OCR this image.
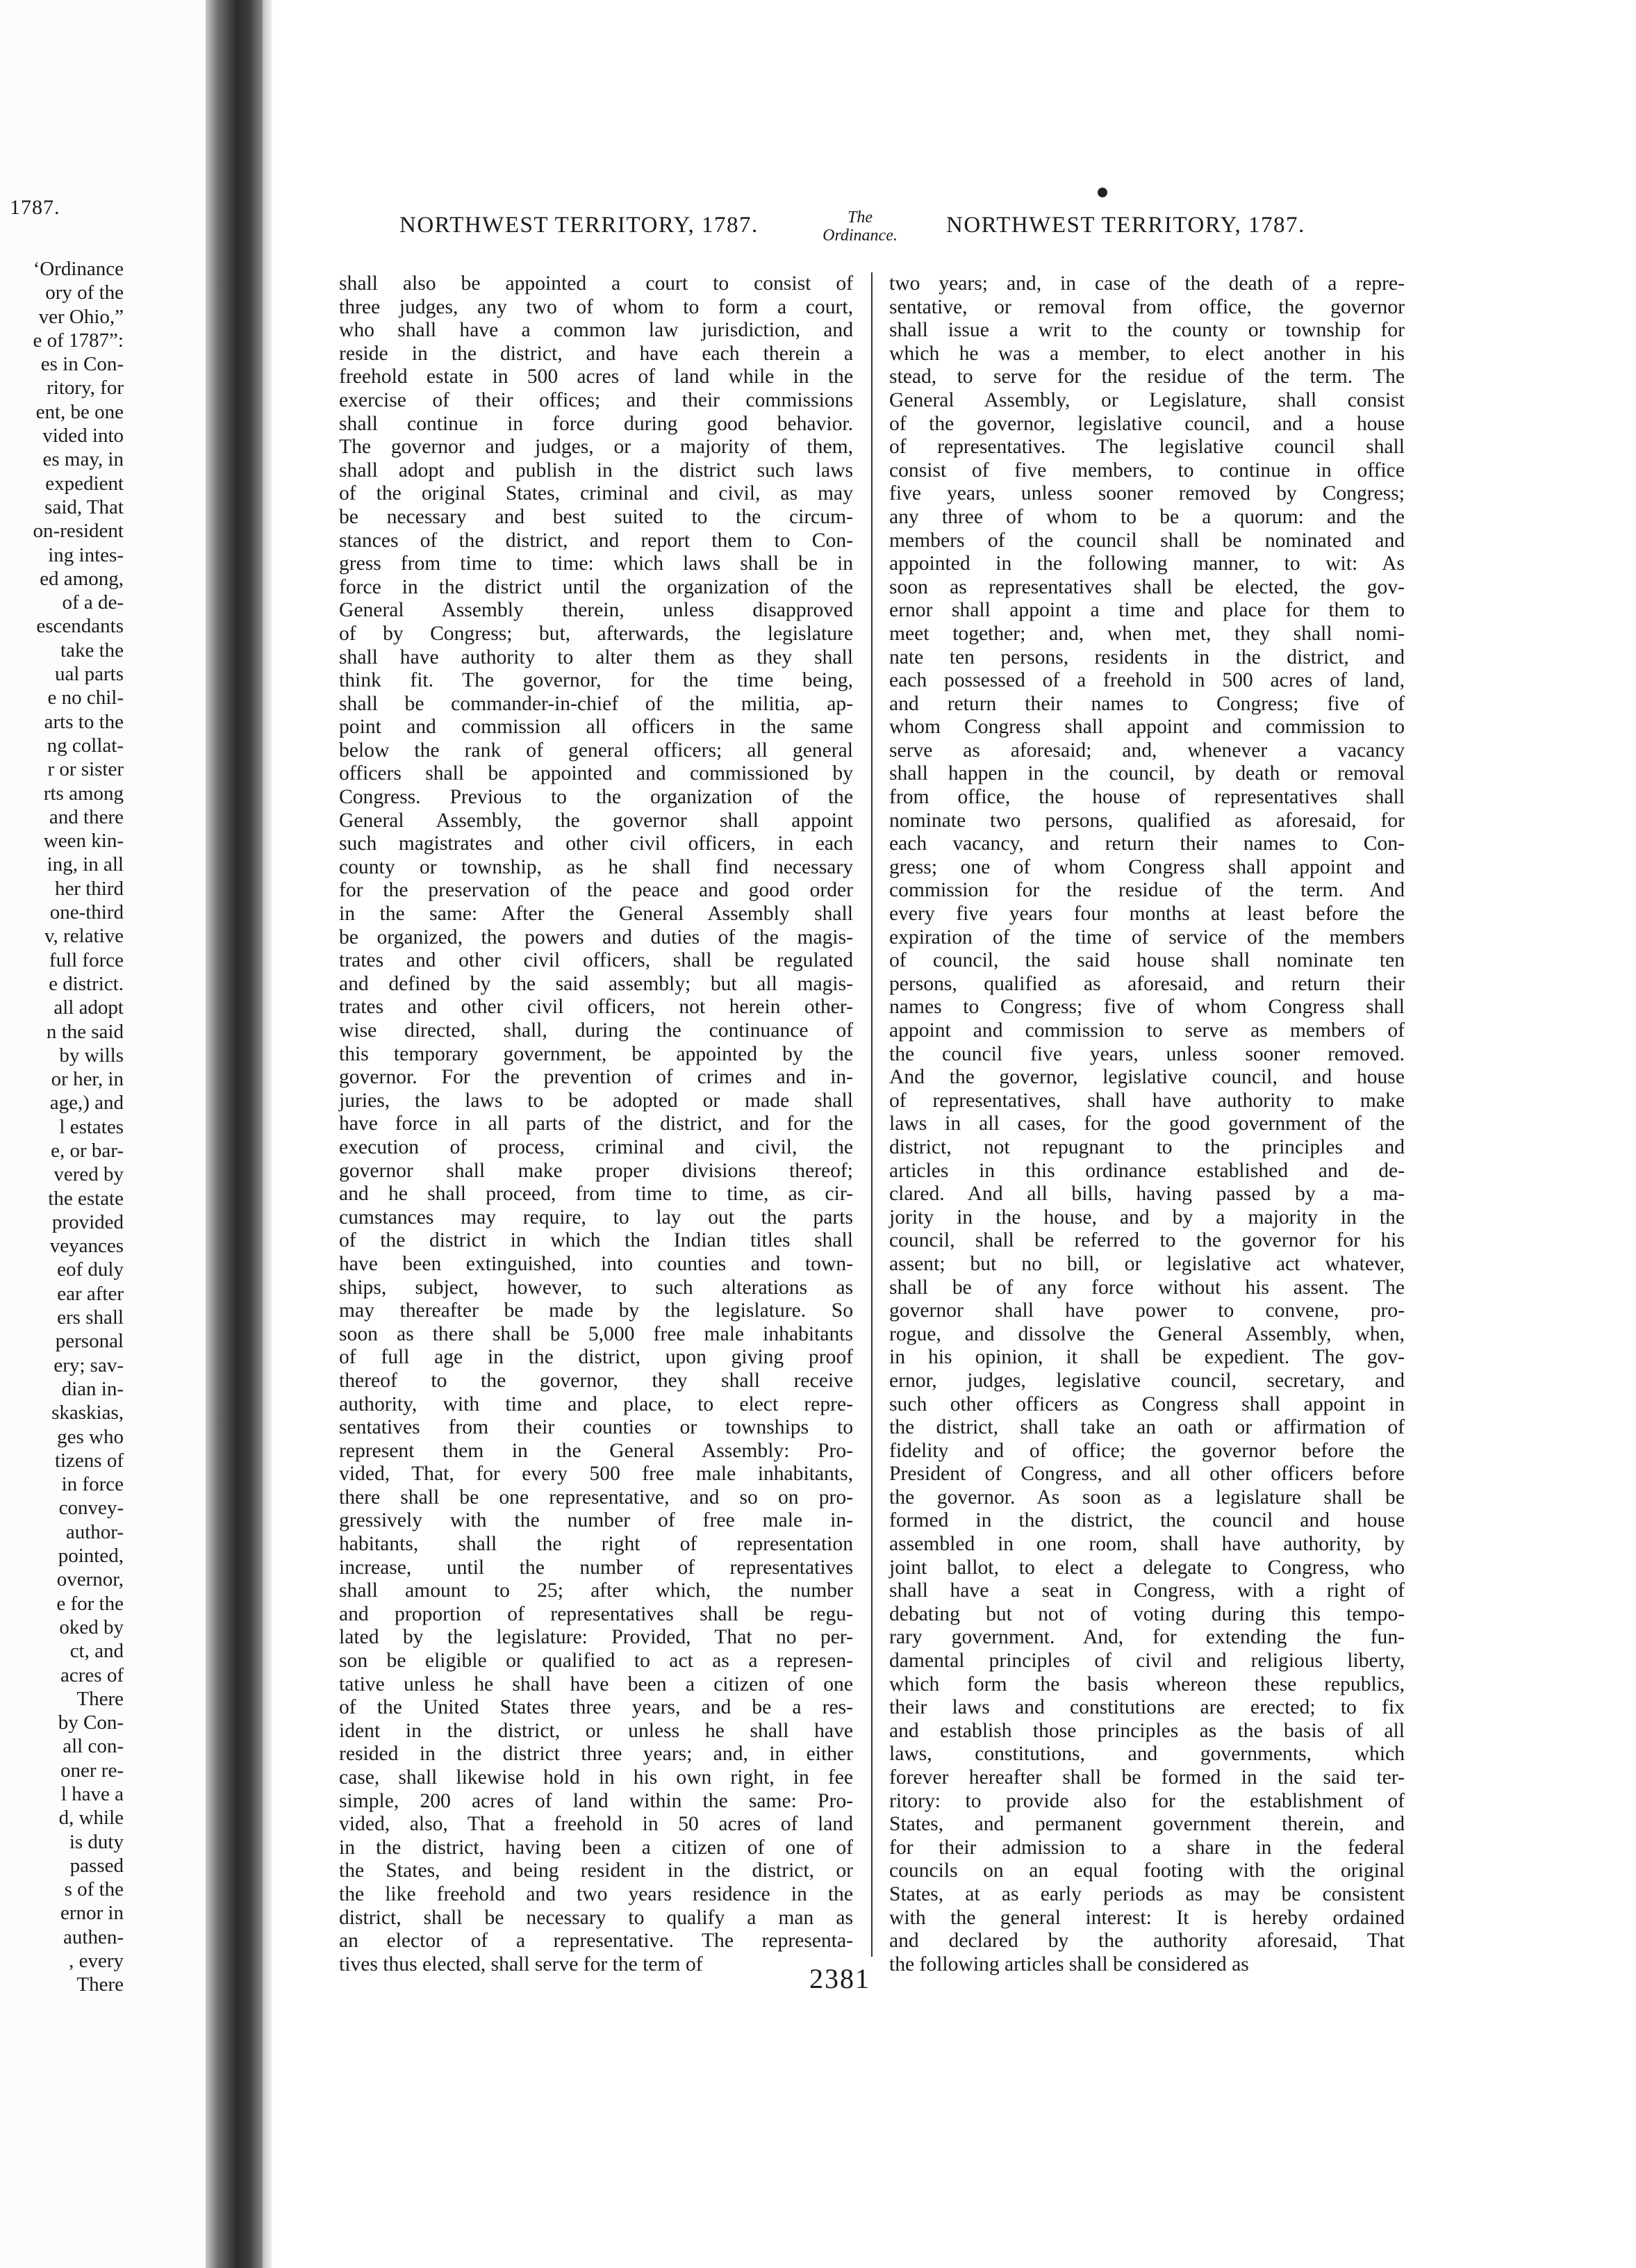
1787.
‘Ordinance
ory of the
ver Ohio,”
e of 1787”:
es in Con-
ritory, for
ent, be one
vided into
es may, in
expedient
said, That
on-resident
ing intes-
ed among,
of a de-
escendants
take the
ual parts
e no chil-
arts to the
ng collat-
r or sister
rts among
and there
ween kin-
ing, in all
her third
one-third
v, relative
full force
e district.
all adopt
n the said
by wills
or her, in
age,) and
l estates
e, or bar-
vered by
the estate
provided
veyances
eof duly
ear after
ers shall
personal
ery; sav-
dian in-
skaskias,
ges who
tizens of
in force
convey-
author-
pointed,
overnor,
e for the
oked by
ct, and
acres of
There
by Con-
all con-
oner re-
l have a
d, while
is duty
passed
s of the
ernor in
authen-
, every
There
NORTHWEST TERRITORY, 1787.	The
Ordinance. NORTHWEST TERRITORY, 1787.
shall also be appointed a court to consist of
three judges, any two of whom to form a court,
who shall have a common law jurisdiction, and
reside in the district, and have each therein a
freehold estate in 500 acres of land while in the
exercise of their offices; and their commissions
shall continue in force during good behavior.
The governor and judges, or a majority of them,
shall adopt and publish in the district such laws
of the original States, criminal and civil, as may
be necessary and best suited to the circum-
stances of the district, and report them to Con-
gress from time to time: which laws shall be in
force in the district until the organization of the
General Assembly therein, unless disapproved
of by Congress; but, afterwards, the legislature
shall have authority to alter them as they shall
think fit. The governor, for the time being,
shall be commander-in-chief of the militia, ap-
point and commission all officers in the same
below the rank of general officers; all general
officers shall be appointed and commissioned by
Congress. Previous to the organization of the
General Assembly, the governor shall appoint
such magistrates and other civil officers, in each
county or township, as he shall find necessary
for the preservation of the peace and good order
in the same: After the General Assembly shall
be organized, the powers and duties of the magis-
trates and other civil officers, shall be regulated
and defined by the said assembly; but all magis-
trates and other civil officers, not herein other-
wise directed, shall, during the continuance of
this temporary government, be appointed by the
governor. For the prevention of crimes and in-
juries, the laws to be adopted or made shall
have force in all parts of the district, and for the
execution of process, criminal and civil, the
governor shall make proper divisions thereof;
and he shall proceed, from time to time, as cir-
cumstances may require, to lay out the parts
of the district in which the Indian titles shall
have been extinguished, into counties and town-
ships, subject, however, to such alterations as
may thereafter be made by the legislature. So
soon as there shall be 5,000 free male inhabitants
of full age in the district, upon giving proof
thereof to the governor, they shall receive
authority, with time and place, to elect repre-
sentatives from their counties or townships to
represent them in the General Assembly: Pro-
vided, That, for every 500 free male inhabitants,
there shall be one representative, and so on pro-
gressively with the number of free male in-
habitants, shall the right of representation
increase, until the number of representatives
shall amount to 25; after which, the number
and proportion of representatives shall be regu-
lated by the legislature: Provided, That no per-
son be eligible or qualified to act as a represen-
tative unless he shall have been a citizen of one
of the United States three years, and be a res-
ident in the district, or unless he shall have
resided in the district three years; and, in either
case, shall likewise hold in his own right, in fee
simple, 200 acres of land within the same: Pro-
vided, also, That a freehold in 50 acres of land
in the district, having been a citizen of one of
the States, and being resident in the district, or
the like freehold and two years residence in the
district, shall be necessary to qualify a man as
an elector of a representative. The representa-
tives thus elected, shall serve for the term of
two years; and, in case of the death of a repre-
sentative, or removal from office, the governor
shall issue a writ to the county or township for
which he was a member, to elect another in his
stead, to serve for the residue of the term. The
General Assembly, or Legislature, shall consist
of the governor, legislative council, and a house
of representatives. The legislative council shall
consist of five members, to continue in office
five years, unless sooner removed by Congress;
any three of whom to be a quorum: and the
members of the council shall be nominated and
appointed in the following manner, to wit: As
soon as representatives shall be elected, the gov-
ernor shall appoint a time and place for them to
meet together; and, when met, they shall nomi-
nate ten persons, residents in the district, and
each possessed of a freehold in 500 acres of land,
and return their names to Congress; five of
whom Congress shall appoint and commission to
serve as aforesaid; and, whenever a vacancy
shall happen in the council, by death or removal
from office, the house of representatives shall
nominate two persons, qualified as aforesaid, for
each vacancy, and return their names to Con-
gress; one of whom Congress shall appoint and
commission for the residue of the term. And
every five years four months at least before the
expiration of the time of service of the members
of council, the said house shall nominate ten
persons, qualified as aforesaid, and return their
names to Congress; five of whom Congress shall
appoint and commission to serve as members of
the council five years, unless sooner removed.
And the governor, legislative council, and house
of representatives, shall have authority to make
laws in all cases, for the good government of the
district, not repugnant to the principles and
articles in this ordinance established and de-
clared. And all bills, having passed by a ma-
jority in the house, and by a majority in the
council, shall be referred to the governor for his
assent; but no bill, or legislative act whatever,
shall be of any force without his assent. The
governor shall have power to convene, pro-
rogue, and dissolve the General Assembly, when,
in his opinion, it shall be expedient. The gov-
ernor, judges, legislative council, secretary, and
such other officers as Congress shall appoint in
the district, shall take an oath or affirmation of
fidelity and of office; the governor before the
President of Congress, and all other officers before
the governor. As soon as a legislature shall be
formed in the district, the council and house
assembled in one room, shall have authority, by
joint ballot, to elect a delegate to Congress, who
shall have a seat in Congress, with a right of
debating but not of voting during this tempo-
rary government. And, for extending the fun-
damental principles of civil and religious liberty,
which form the basis whereon these republics,
their laws and constitutions are erected; to fix
and establish those principles as the basis of all
laws, constitutions, and governments, which
forever hereafter shall be formed in the said ter-
ritory: to provide also for the establishment of
States, and permanent government therein, and
for their admission to a share in the federal
councils on an equal footing with the original
States, at as early periods as may be consistent
with the general interest: It is hereby ordained
and declared by the authority aforesaid, That
the following articles shall be considered as
2381
